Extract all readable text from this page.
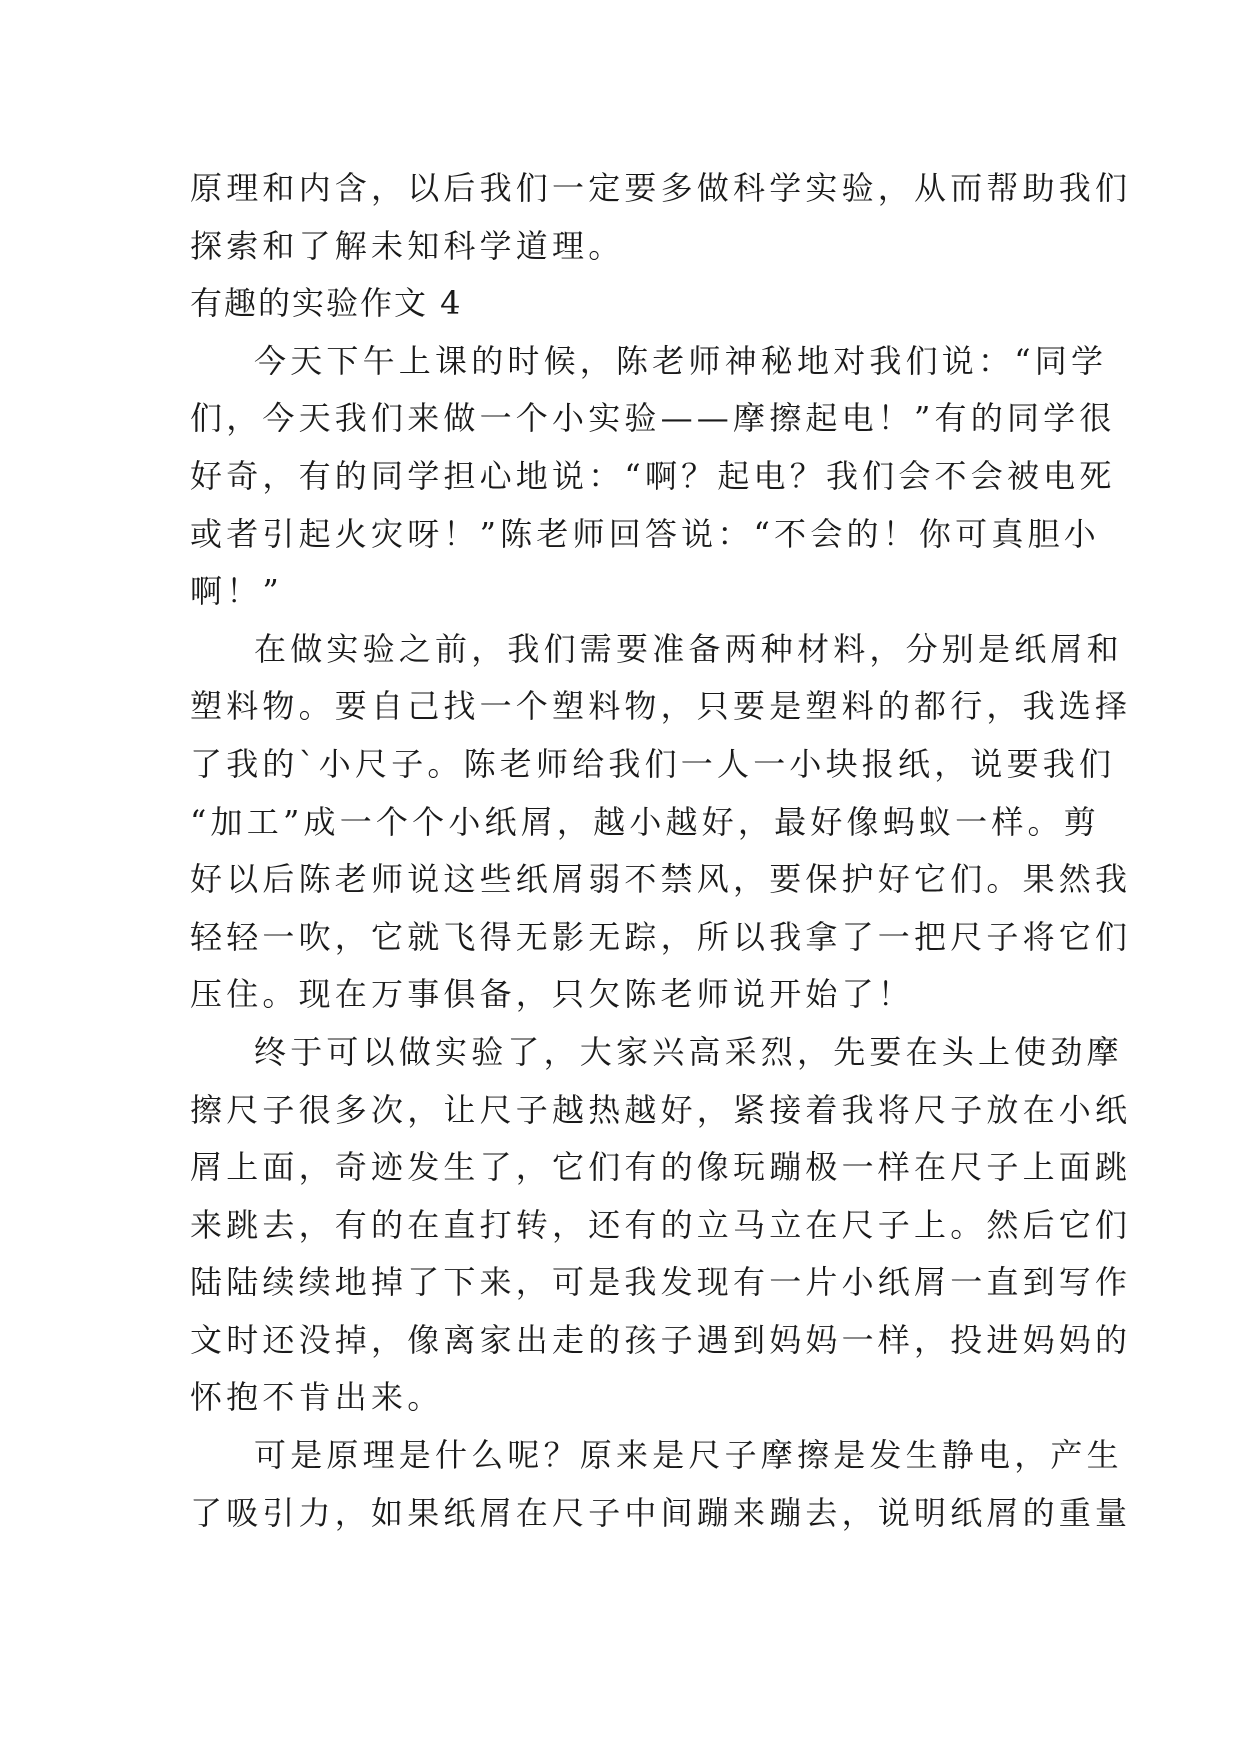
原理和内含，以后我们一定要多做科学实验，从而帮助我们
探索和了解未知科学道理。
有趣的实验作文 4
今天下午上课的时候，陈老师神秘地对我们说：“同学
们，今天我们来做一个小实验——摩擦起电！”有的同学很
好奇，有的同学担心地说：“啊？起电？我们会不会被电死
或者引起火灾呀！”陈老师回答说：“不会的！你可真胆小
啊！”
在做实验之前，我们需要准备两种材料，分别是纸屑和
塑料物。要自己找一个塑料物，只要是塑料的都行，我选择
了我的`小尺子。陈老师给我们一人一小块报纸，说要我们
“加工”成一个个小纸屑，越小越好，最好像蚂蚁一样。剪
好以后陈老师说这些纸屑弱不禁风，要保护好它们。果然我
轻轻一吹，它就飞得无影无踪，所以我拿了一把尺子将它们
压住。现在万事俱备，只欠陈老师说开始了！
终于可以做实验了，大家兴高采烈，先要在头上使劲摩
擦尺子很多次，让尺子越热越好，紧接着我将尺子放在小纸
屑上面，奇迹发生了，它们有的像玩蹦极一样在尺子上面跳
来跳去，有的在直打转，还有的立马立在尺子上。然后它们
陆陆续续地掉了下来，可是我发现有一片小纸屑一直到写作
文时还没掉，像离家出走的孩子遇到妈妈一样，投进妈妈的
怀抱不肯出来。
可是原理是什么呢？原来是尺子摩擦是发生静电，产生
了吸引力，如果纸屑在尺子中间蹦来蹦去，说明纸屑的重量
